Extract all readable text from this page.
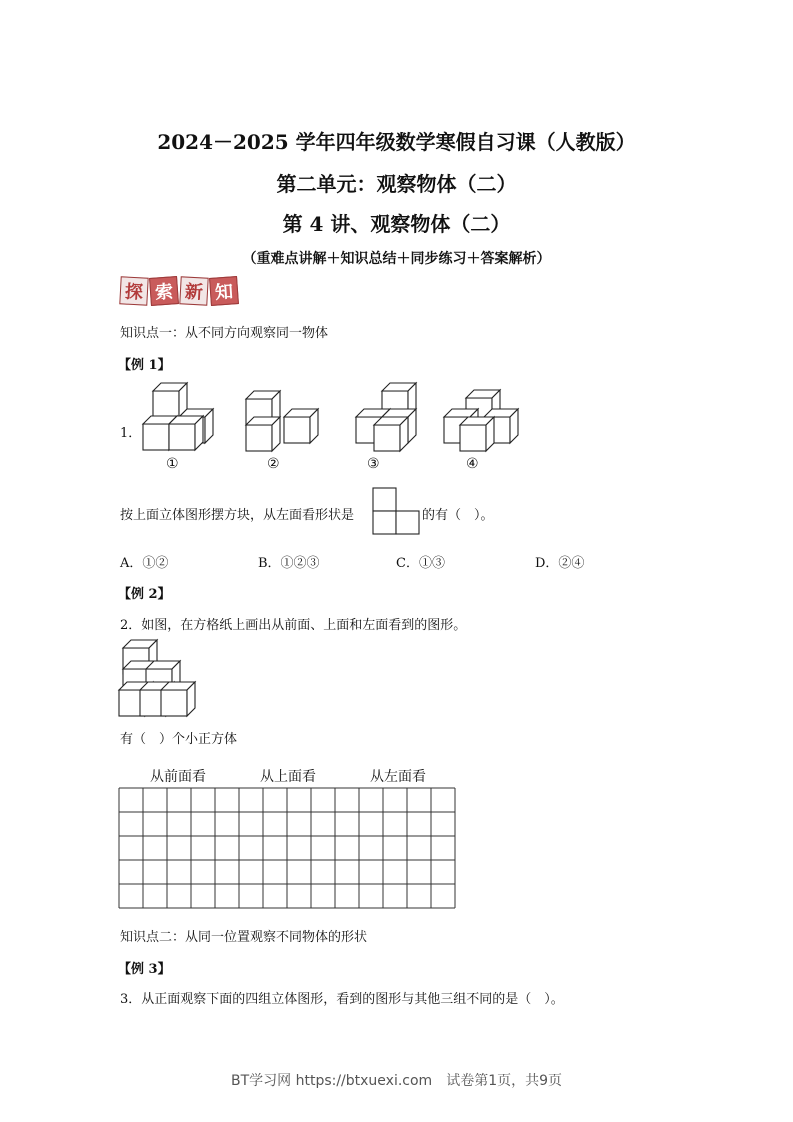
2024－2025 学年四年级数学寒假自习课（人教版）
第二单元：观察物体（二）
第 4 讲、观察物体（二）
（重难点讲解＋知识总结＋同步练习＋答案解析）
探 索 新 知
知识点一：从不同方向观察同一物体
【例 1】
1．
①	②	③	④
按上面立体图形摆方块，从左面看形状是	的有（　）。
A．①②	B．①②③	C．①③	D．②④
【例 2】
2．如图，在方格纸上画出从前面、上面和左面看到的图形。
有（　）个小正方体
从前面看	从上面看	从左面看
知识点二：从同一位置观察不同物体的形状
【例 3】
3．从正面观察下面的四组立体图形，看到的图形与其他三组不同的是（　）。
BT学习网 https://btxuexi.com　试卷第1页，共9页
